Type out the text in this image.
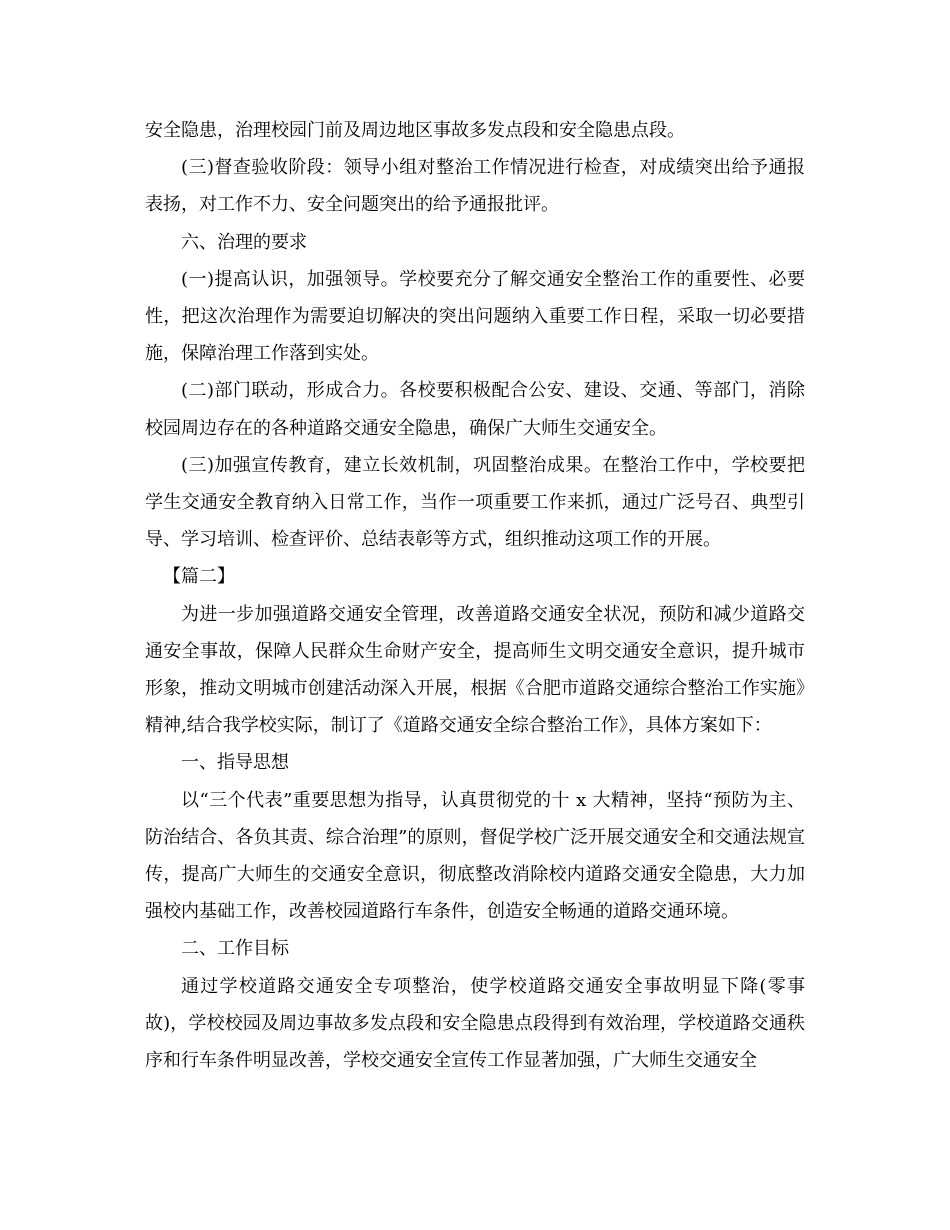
安全隐患，治理校园门前及周边地区事故多发点段和安全隐患点段。

(三)督查验收阶段：领导小组对整治工作情况进行检查，对成绩突出给予通报表扬，对工作不力、安全问题突出的给予通报批评。

六、治理的要求

(一)提高认识，加强领导。学校要充分了解交通安全整治工作的重要性、必要性，把这次治理作为需要迫切解决的突出问题纳入重要工作日程，采取一切必要措施，保障治理工作落到实处。

(二)部门联动，形成合力。各校要积极配合公安、建设、交通、等部门，消除校园周边存在的各种道路交通安全隐患，确保广大师生交通安全。

(三)加强宣传教育，建立长效机制，巩固整治成果。在整治工作中，学校要把学生交通安全教育纳入日常工作，当作一项重要工作来抓，通过广泛号召、典型引导、学习培训、检查评价、总结表彰等方式，组织推动这项工作的开展。

【篇二】

为进一步加强道路交通安全管理，改善道路交通安全状况，预防和减少道路交通安全事故，保障人民群众生命财产安全，提高师生文明交通安全意识，提升城市形象，推动文明城市创建活动深入开展，根据《合肥市道路交通综合整治工作实施》精神,结合我学校实际，制订了《道路交通安全综合整治工作》，具体方案如下：

一、指导思想

以“三个代表”重要思想为指导，认真贯彻党的十 x 大精神，坚持“预防为主、防治结合、各负其责、综合治理”的原则，督促学校广泛开展交通安全和交通法规宣传，提高广大师生的交通安全意识，彻底整改消除校内道路交通安全隐患，大力加强校内基础工作，改善校园道路行车条件，创造安全畅通的道路交通环境。

二、工作目标

通过学校道路交通安全专项整治，使学校道路交通安全事故明显下降(零事故)，学校校园及周边事故多发点段和安全隐患点段得到有效治理，学校道路交通秩序和行车条件明显改善，学校交通安全宣传工作显著加强，广大师生交通安全
